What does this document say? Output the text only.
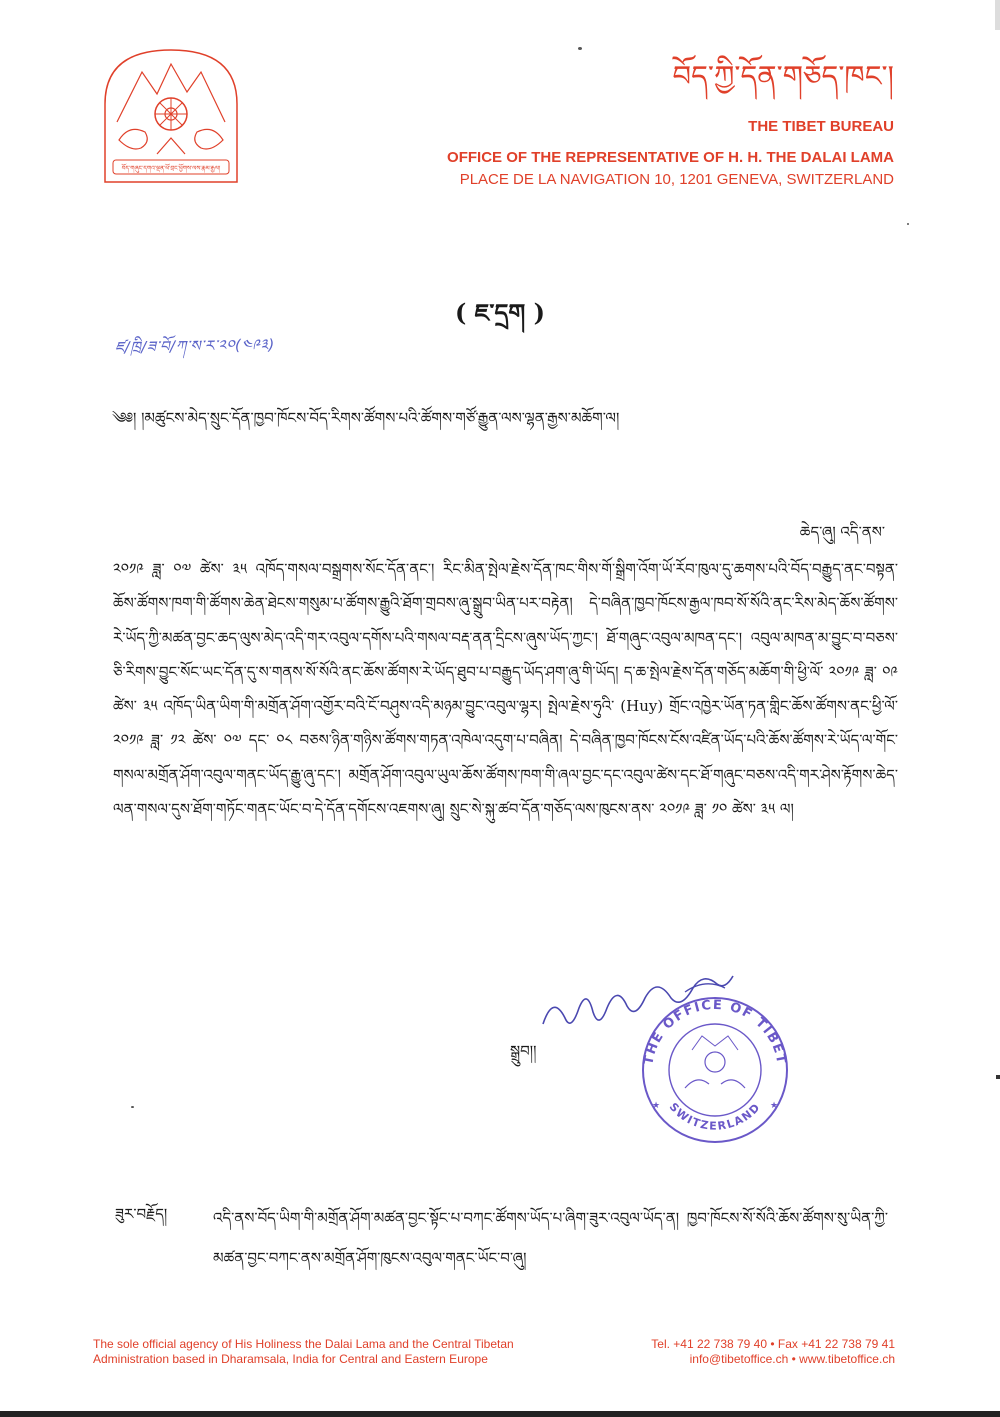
བོད་གཞུང་དགའ་ལྡན་ཕོ་བྲང་ཕྱོགས་ལས་རྣམ་རྒྱལ།
བོད་ཀྱི་དོན་གཅོད་ཁང་།
THE TIBET BUREAU
OFFICE OF THE REPRESENTATIVE OF H. H. THE DALAI LAMA
PLACE DE LA NAVIGATION 10, 1201 GENEVA, SWITZERLAND
( ཇ་དྲག )
ཛ/ཁྲི/ཟ་བོ/ཀ་ས་ར་༢༠(༤༩༣)
༄༅། །མཚུངས་མེད་སྲུང་དོན་ཁྱབ་ཁོངས་བོད་རིགས་ཚོགས་པའི་ཚོགས་གཙོ་རྒྱུན་ལས་ལྷན་རྒྱས་མཆོག་ལ།
ཆེད་ཞུ། འདི་ནས་
༢༠༡༩ ཟླ་ ༠༧ ཚེས་ ༣༥ འཁོད་གསལ་བསྒྲགས་སོང་དོན་ནང་། རིང་མིན་སྤེལ་རྗེས་དོན་ཁང་གིས་གོ་སྒྲིག་འོག་ཡོ་རོབ་ཁུལ་དུ་ཆགས་པའི་བོད་བརྒྱུད་ནང་བསྟན་ཆོས་ཚོགས་ཁག་གི་ཚོགས་ཆེན་ཐེངས་གསུམ་པ་ཚོགས་རྒྱུའི་ཐོག་གྲབས་ཞུ་སྒྲུབ་ཡིན་པར་བརྟེན། དེ་བཞིན་ཁྱབ་ཁོངས་རྒྱལ་ཁབ་སོ་སོའི་ནང་རིས་མེད་ཆོས་ཚོགས་རེ་ཡོད་ཀྱི་མཚན་བྱང་ཆད་ལུས་མེད་འདི་གར་འབུལ་དགོས་པའི་གསལ་བརྡ་ནན་དྲིངས་ཞུས་ཡོད་ཀྱང་། ཐོ་གཞུང་འབུལ་མཁན་དང་། འབུལ་མཁན་མ་བྱུང་བ་བཅས་ཅི་རིགས་བྱུང་སོང་ཡང་དོན་དུ་ས་གནས་སོ་སོའི་ནང་ཆོས་ཚོགས་རེ་ཡོད་ཐུབ་པ་བརྒྱུད་ཡོད་ཤག་ཞུ་གི་ཡོད། ད་ཆ་སྤེལ་རྗེས་དོན་གཅོད་མཆོག་གི་ཕྱི་ལོ་ ༢༠༡༩ ཟླ་ ༠༩ ཚེས་ ༣༥ འཁོད་ཡིན་ཡིག་གི་མགྲོན་ཤོག་འགྱོར་བའི་ངོ་བཤུས་འདི་མཉམ་བྱུང་འབུལ་ལྷར། སྤེལ་རྗེས་ཧུའི་ (Huy) གྲོང་འཁྱེར་ཡོན་ཏན་གླིང་ཆོས་ཚོགས་ནང་ཕྱི་ལོ་ ༢༠༡༩ ཟླ་ ༡༢ ཚེས་ ༠༧ དང་ ༠༨ བཅས་ཉིན་གཉིས་ཚོགས་གཏན་འཁེལ་འདུག་པ་བཞིན། དེ་བཞིན་ཁྱབ་ཁོངས་ངོས་འཛིན་ཡོད་པའི་ཆོས་ཚོགས་རེ་ཡོད་ལ་གོང་གསལ་མགྲོན་ཤོག་འབུལ་གནང་ཡོད་རྒྱུ་ཞུ་དང་། མགྲོན་ཤོག་འབུལ་ཡུལ་ཆོས་ཚོགས་ཁག་གི་ཞལ་བྱང་དང་འབུལ་ཚེས་དང་ཐོ་གཞུང་བཅས་འདི་གར་ཤེས་རྟོགས་ཆེད་ལན་གསལ་དུས་ཐོག་གཏོང་གནང་ཡོང་བ་དེ་དོན་དགོངས་འཇགས་ཞུ། སྲུང་སེ་སྐུ་ཚབ་དོན་གཅོད་ལས་ཁུངས་ནས་ ༢༠༡༩ ཟླ་ ༡༠ ཚེས་ ༣༥ ལ།
སྒྲུབ།།	THE OFFICE OF TIBET
SWITZERLAND
★	★
ཟུར་བརྗོད།	འདི་ནས་བོད་ཡིག་གི་མགྲོན་ཤོག་མཚན་བྱང་སྟོང་པ་བཀང་ཚོགས་ཡོད་པ་ཞིག་ཟུར་འབུལ་ཡོད་ན། ཁྱབ་ཁོངས་སོ་སོའི་ཆོས་ཚོགས་སུ་ཡིན་ཀྱི་མཚན་བྱང་བཀང་ནས་མགྲོན་ཤོག་ཁུངས་འབུལ་གནང་ཡོང་བ་ཞུ།
The sole official agency of His Holiness the Dalai Lama and the Central Tibetan
Administration based in Dharamsala, India for Central and Eastern Europe
Tel. +41 22 738 79 40 • Fax +41 22 738 79 41
info@tibetoffice.ch • www.tibetoffice.ch
